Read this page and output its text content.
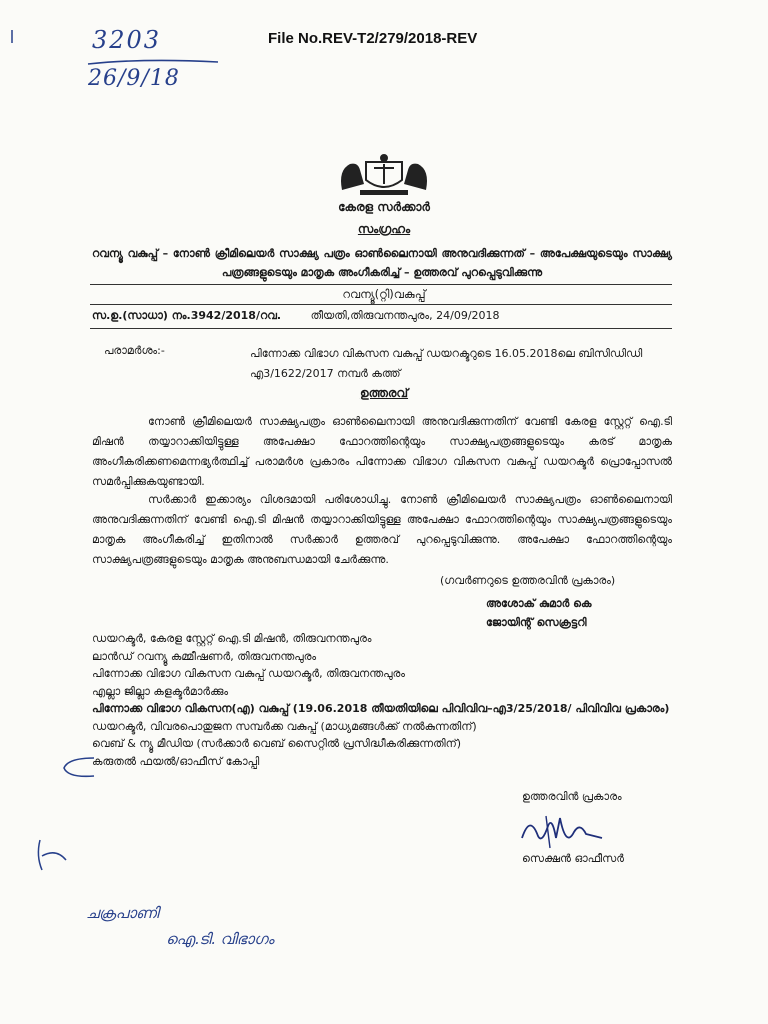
3203
26/9/18
File No.REV-T2/279/2018-REV
കേരള സർക്കാർ
സംഗ്രഹം
റവന്യൂ വകുപ്പ് – നോൺ ക്രീമിലെയർ സാക്ഷ്യ പത്രം ഓൺലൈനായി അനുവദിക്കുന്നത് – അപേക്ഷയുടെയും സാക്ഷ്യ പത്രങ്ങളുടെയും മാതൃക അംഗീകരിച്ച് – ഉത്തരവ് പുറപ്പെടുവിക്കുന്നു
റവന്യൂ(റ്റി)വകുപ്പ്
സ.ഉ.(സാധാ) നം.3942/2018/റവ.	തീയതി,തിരുവനന്തപുരം, 24/09/2018
പരാമർശം:-	പിന്നോക്ക വിഭാഗ വികസന വകുപ്പ് ഡയറക്ടറുടെ 16.05.2018ലെ ബിസിഡിഡി എ3/1622/2017 നമ്പർ കത്ത്
ഉത്തരവ്
നോൺ ക്രീമിലെയർ സാക്ഷ്യപത്രം ഓൺലൈനായി അനുവദിക്കുന്നതിന് വേണ്ടി കേരള സ്റ്റേറ്റ് ഐ.ടി മിഷൻ തയ്യാറാക്കിയിട്ടുള്ള അപേക്ഷാ ഫോറത്തിന്റെയും സാക്ഷ്യപത്രങ്ങളുടെയും കരട് മാതൃക അംഗീകരിക്കണമെന്നഭ്യർത്ഥിച്ച് പരാമർശ പ്രകാരം പിന്നോക്ക വിഭാഗ വികസന വകുപ്പ് ഡയറക്ടർ പ്രൊപ്പോസൽ സമർപ്പിക്കുകയുണ്ടായി.
സർക്കാർ ഇക്കാര്യം വിശദമായി പരിശോധിച്ചു. നോൺ ക്രീമിലെയർ സാക്ഷ്യപത്രം ഓൺലൈനായി അനുവദിക്കുന്നതിന് വേണ്ടി ഐ.ടി മിഷൻ തയ്യാറാക്കിയിട്ടുള്ള അപേക്ഷാ ഫോറത്തിന്റെയും സാക്ഷ്യപത്രങ്ങളുടെയും മാതൃക അംഗീകരിച്ച് ഇതിനാൽ സർക്കാർ ഉത്തരവ് പുറപ്പെടുവിക്കുന്നു. അപേക്ഷാ ഫോറത്തിന്റെയും സാക്ഷ്യപത്രങ്ങളുടെയും മാതൃക അനുബന്ധമായി ചേർക്കുന്നു.
(ഗവർണറുടെ ഉത്തരവിൻ പ്രകാരം)
അശോക് കുമാർ കെ
ജോയിന്റ് സെക്രട്ടറി
ഡയറക്ടർ, കേരള സ്റ്റേറ്റ് ഐ.ടി മിഷൻ, തിരുവനന്തപുരം
ലാൻഡ് റവന്യൂ കമ്മീഷണർ, തിരുവനന്തപുരം
പിന്നോക്ക വിഭാഗ വികസന വകുപ്പ് ഡയറക്ടർ, തിരുവനന്തപുരം
എല്ലാ ജില്ലാ കളക്ടർമാർക്കും
പിന്നോക്ക വിഭാഗ വികസന(എ) വകുപ്പ് (19.06.2018 തീയതിയിലെ പിവിവിവ–എ3/25/2018/ പിവിവിവ പ്രകാരം)
ഡയറക്ടർ, വിവരപൊതുജന സമ്പർക്ക വകുപ്പ് (മാധ്യമങ്ങൾക്ക് നൽകുന്നതിന്)
വെബ് & ന്യൂ മീഡിയ (സർക്കാർ വെബ് സൈറ്റിൽ പ്രസിദ്ധീകരിക്കുന്നതിന്)
കരുതൽ ഫയൽ/ഓഫീസ് കോപ്പി
ഉത്തരവിൻ പ്രകാരം
സെക്ഷൻ ഓഫീസർ
ചക്രപാണി
ഐ.ടി. വിഭാഗം
